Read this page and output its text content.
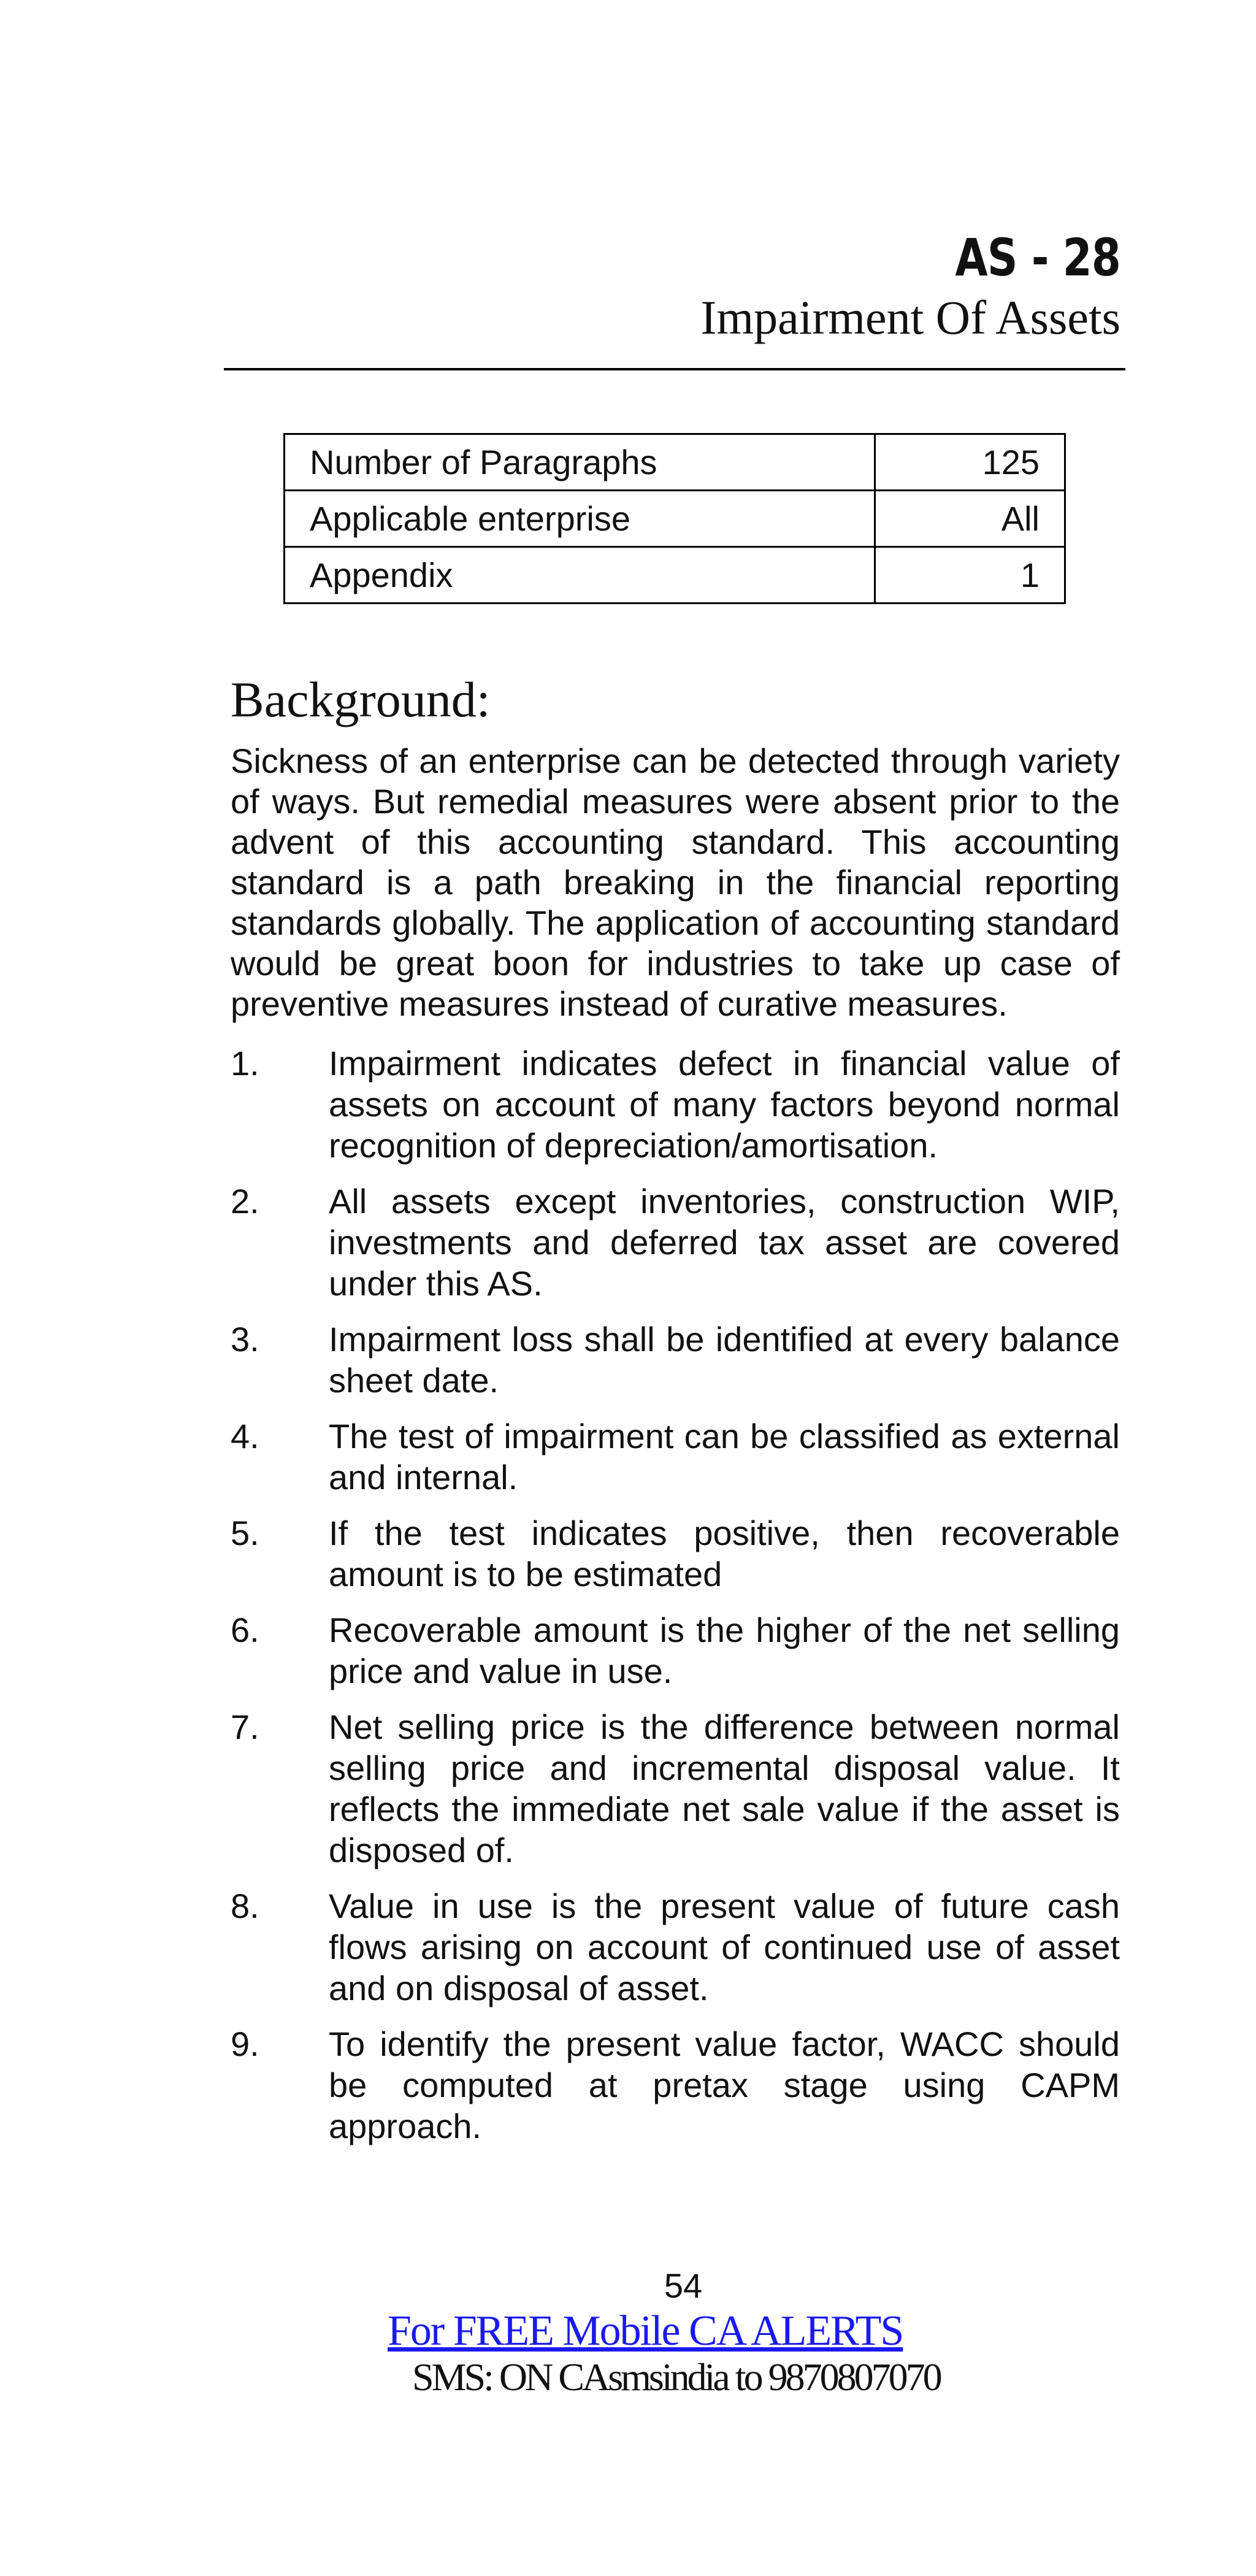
AS - 28
Impairment Of Assets
Number of Paragraphs	125
Applicable enterprise	All
Appendix	1
Background:

Sickness of an enterprise can be detected through variety of ways. But remedial measures were absent prior to the advent of this accounting standard. This accounting standard is a path breaking in the financial reporting standards globally. The application of accounting standard would be great boon for industries to take up case of preventive measures instead of curative measures.

1. Impairment indicates defect in financial value of assets on account of many factors beyond normal recognition of depreciation/amortisation.
2. All assets except inventories, construction WIP, investments and deferred tax asset are covered under this AS.
3. Impairment loss shall be identified at every balance sheet date.
4. The test of impairment can be classified as external and internal.
5. If the test indicates positive, then recoverable amount is to be estimated
6. Recoverable amount is the higher of the net selling price and value in use.
7. Net selling price is the difference between normal selling price and incremental disposal value. It reflects the immediate net sale value if the asset is disposed of.
8. Value in use is the present value of future cash flows arising on account of continued use of asset and on disposal of asset.
9. To identify the present value factor, WACC should be computed at pretax stage using CAPM approach.
54
For FREE Mobile CA ALERTS
SMS: ON CAsmsindia to 9870807070
